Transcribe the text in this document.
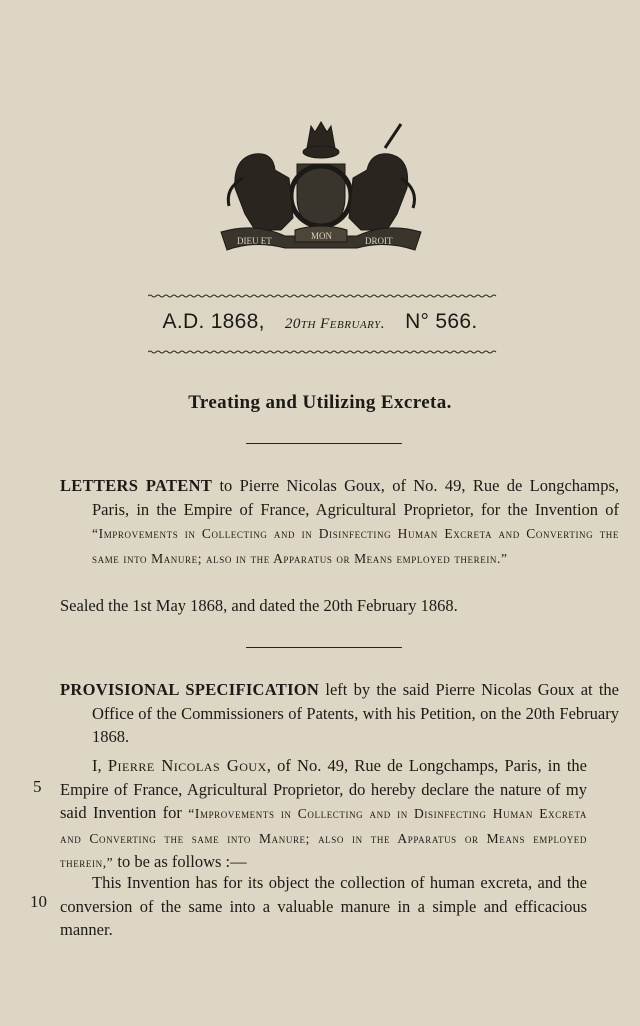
DIEU ET	DROIT
MON
A.D. 1868, 20th February. N° 566.
Treating and Utilizing Excreta.
LETTERS PATENT to Pierre Nicolas Goux, of No. 49, Rue de Longchamps, Paris, in the Empire of France, Agricultural Proprietor, for the Invention of “Improvements in Collecting and in Disinfecting Human Excreta and Converting the same into Manure; also in the Apparatus or Means employed therein.”
Sealed the 1st May 1868, and dated the 20th February 1868.
PROVISIONAL SPECIFICATION left by the said Pierre Nicolas Goux at the Office of the Commissioners of Patents, with his Petition, on the 20th February 1868.
I, Pierre Nicolas Goux, of No. 49, Rue de Longchamps, Paris, in the Empire of France, Agricultural Proprietor, do hereby declare the nature of my said Invention for “Improvements in Collecting and in Disinfecting Human Excreta and Converting the same into Manure; also in the Apparatus or Means employed therein,” to be as follows :—
5
This Invention has for its object the collection of human excreta, and the conversion of the same into a valuable manure in a simple and efficacious manner.
10
